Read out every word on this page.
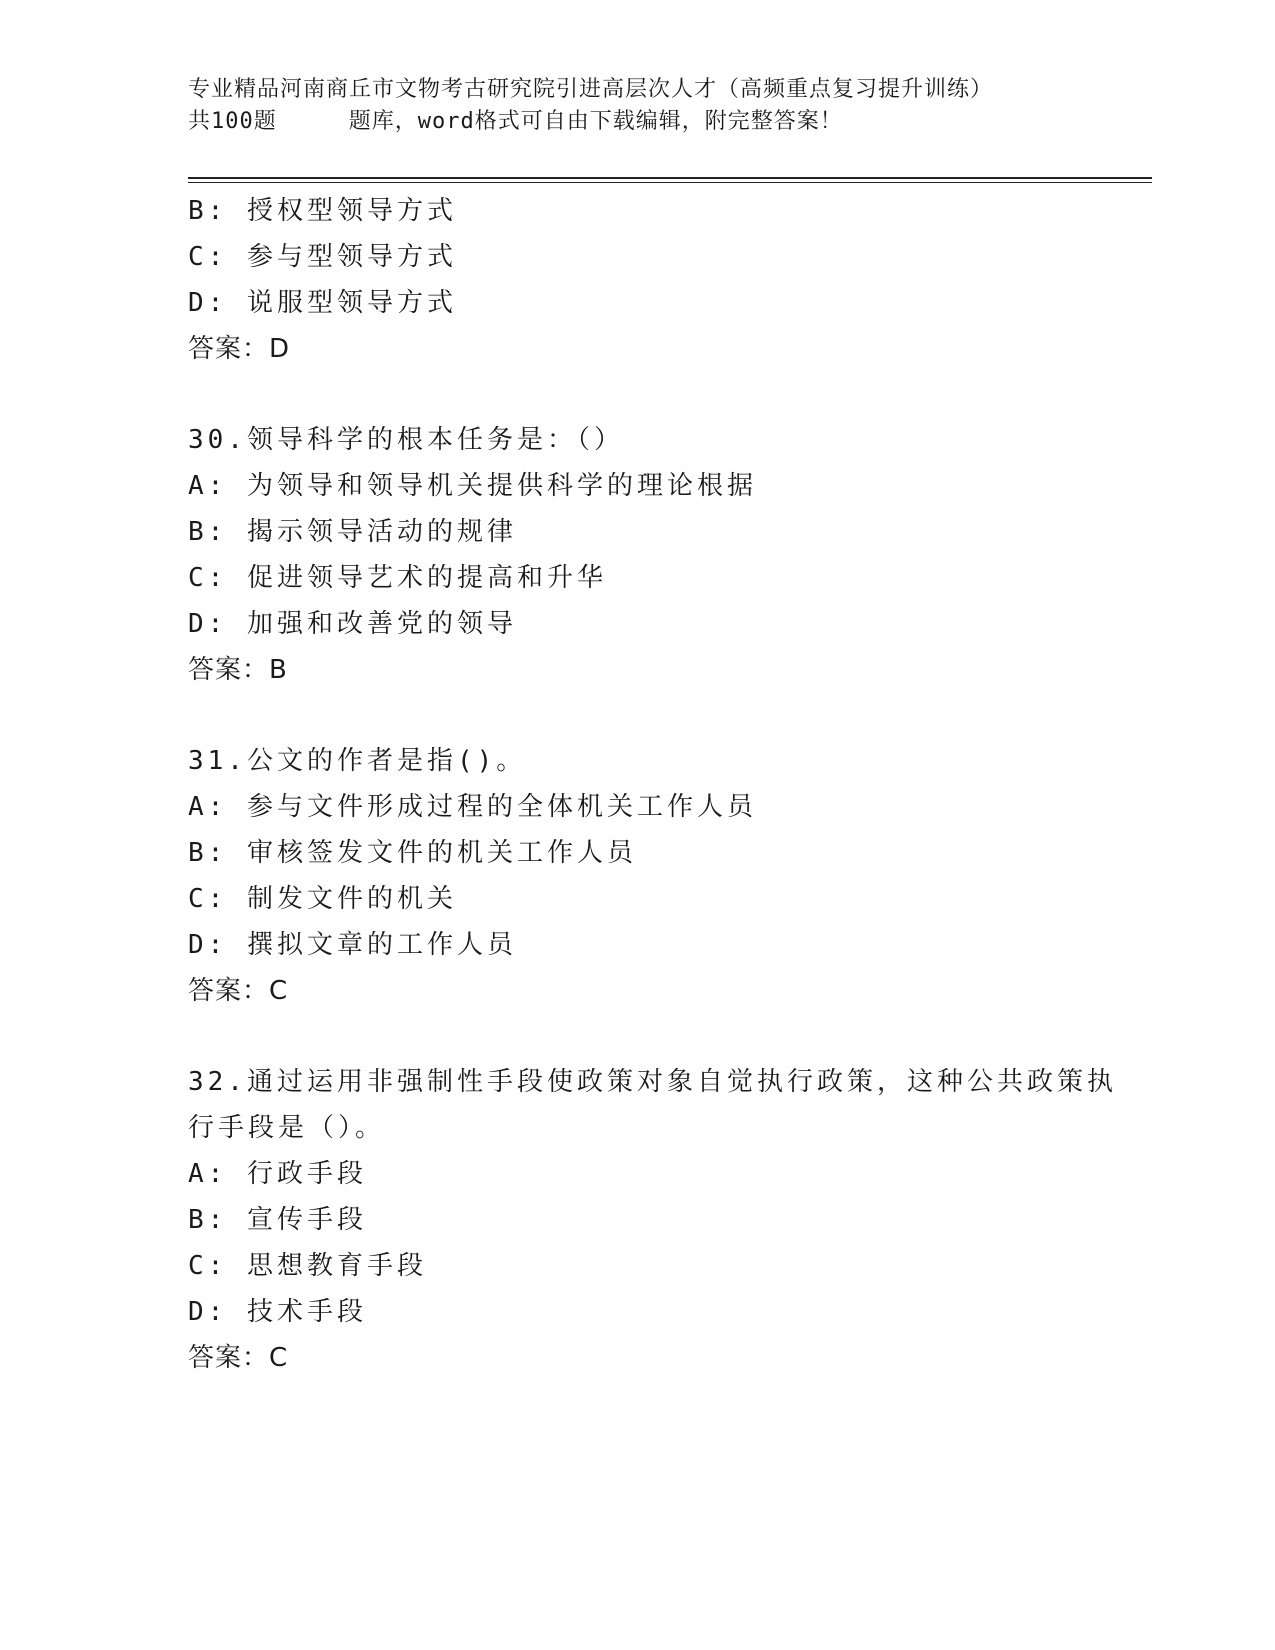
专业精品河南商丘市文物考古研究院引进高层次人才（高频重点复习提升训练）
共100题	题库，word格式可自由下载编辑，附完整答案！
B: 授权型领导方式
C: 参与型领导方式
D: 说服型领导方式
答案：D
30.领导科学的根本任务是：（）
A: 为领导和领导机关提供科学的理论根据
B: 揭示领导活动的规律
C: 促进领导艺术的提高和升华
D: 加强和改善党的领导
答案：B
31.公文的作者是指()。
A: 参与文件形成过程的全体机关工作人员
B: 审核签发文件的机关工作人员
C: 制发文件的机关
D: 撰拟文章的工作人员
答案：C
32.通过运用非强制性手段使政策对象自觉执行政策，这种公共政策执
行手段是（）。
A: 行政手段
B: 宣传手段
C: 思想教育手段
D: 技术手段
答案：C
